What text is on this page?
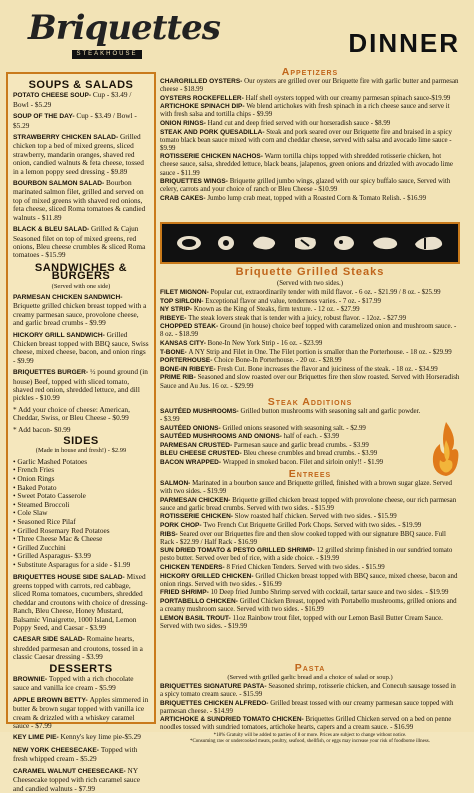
Briquettes
STEAKHOUSE	DINNER
SOUPS & SALADS
POTATO CHEESE SOUP- Cup - $3.49 / Bowl - $5.29
SOUP OF THE DAY- Cup - $3.49 / Bowl - $5.29
STRAWBERRY CHICKEN SALAD- Grilled chicken top a bed of mixed greens, sliced strawberry, mandarin oranges, shaved red onion, candied walnuts & feta cheese, tossed in a lemon poppy seed dressing - $9.89
BOURBON SALMON SALAD- Bourbon marinated salmon filet, grilled and served on top of mixed greens with shaved red onions, feta cheese, sliced Roma tomatoes & candied walnuts - $11.89
BLACK & BLEU SALAD- Grilled & Cajun Seasoned filet on top of mixed greens, red onions, Bleu cheese crumbles & sliced Roma tomatoes - $15.99
SANDWICHES & BURGERS
(Served with one side)
PARMESAN CHICKEN SANDWICH- Briquette grilled chicken breast topped with a creamy parmesan sauce, provolone cheese, and garlic bread crumbs - $9.99
HICKORY GRILL SANDWICH- Grilled Chicken breast topped with BBQ sauce, Swiss cheese, mixed cheese, bacon, and onion rings - $9.99
BRIQUETTES BURGER- ½ pound ground (in house) Beef, topped with sliced tomato, shaved red onion, shredded lettuce, and dill pickles - $10.99
* Add your choice of cheese: American, Cheddar, Swiss, or Bleu Cheese - $0.99
* Add bacon- $0.99
SIDES
(Made in house and fresh!) - $2.99
• Garlic Mashed Potatoes
• French Fries
• Onion Rings
• Baked Potato
• Sweet Potato Casserole
• Steamed Broccoli
• Cole Slaw
• Seasoned Rice Pilaf
• Grilled Rosemary Red Potatoes
• Three Cheese Mac & Cheese
• Grilled Zucchini
• Grilled Asparagus- $3.99
• Substitute Asparagus for a side - $1.99
BRIQUETTES HOUSE SIDE SALAD- Mixed greens topped with carrots, red cabbage, sliced Roma tomatoes, cucumbers, shredded cheddar and croutons with choice of dressing- Ranch, Bleu Cheese, Honey Mustard, Balsamic Vinaigrette, 1000 Island, Lemon Poppy Seed, and Caesar - $3.99
CAESAR SIDE SALAD- Romaine hearts, shredded parmesan and croutons, tossed in a classic Caesar dressing - $3.99
DESSERTS
BROWNIE- Topped with a rich chocolate sauce and vanilla ice cream - $5.99
APPLE BROWN BETTY- Apples simmered in butter & brown sugar topped with vanilla ice cream & drizzled with a whiskey caramel sauce - $7.99
KEY LIME PIE- Kenny's key lime pie-$5.29
NEW YORK CHEESECAKE- Topped with fresh whipped cream - $5.29
CARAMEL WALNUT CHEESECAKE- NY Cheesecake topped with rich caramel sauce and candied walnuts - $7.99
Appetizers
CHARGRILLED OYSTERS- Our oysters are grilled over our Briquette fire with garlic butter and parmesan cheese - $18.99
OYSTERS ROCKEFELLER- Half shell oysters topped with our creamy parmesan spinach sauce-$19.99
ARTICHOKE SPINACH DIP- We blend artichokes with fresh spinach in a rich cheese sauce and serve it with fresh salsa and tortilla chips - $9.99
ONION RINGS- Hand cut and deep fried served with our horseradish sauce - $8.99
STEAK AND PORK QUESADILLA- Steak and pork seared over our Briquette fire and braised in a spicy tomato black bean sauce mixed with corn and cheddar cheese, served with salsa and avocado lime sauce - $9.99
ROTISSERIE CHICKEN NACHOS- Warm tortilla chips topped with shredded rotisserie chicken, hot cheese sauce, salsa, shredded lettuce, black beans, jalapenos, green onions and drizzled with avocado lime sauce - $11.99
BRIQUETTES WINGS- Briquette grilled jumbo wings, glazed with our spicy buffalo sauce, Served with celery, carrots and your choice of ranch or Bleu Cheese - $10.99
CRAB CAKES- Jumbo lump crab meat, topped with a Roasted Corn & Tomato Relish. - $16.99
Briquette Grilled Steaks
(Served with two sides.)
FILET MIGNON- Popular cut, extraordinarily tender with mild flavor. - 6 oz. - $21.99 / 8 oz. - $25.99
TOP SIRLOIN- Exceptional flavor and value, tenderness varies. - 7 oz. - $17.99
NY STRIP- Known as the King of Steaks, firm texture. - 12 oz. - $27.99
RIBEYE- The steak lovers steak that is tender with a juicy, robust flavor. - 12oz. - $27.99
CHOPPED STEAK- Ground (in house) choice beef topped with caramelized onion and mushroom sauce. - 8 oz. - $18.99
KANSAS CITY- Bone-In New York Strip - 16 oz. - $23.99
T-BONE- A NY Strip and Filet in One. The Filet portion is smaller than the Porterhouse. - 18 oz. - $29.99
PORTERHOUSE- Choice Bone-In Porterhouse. - 20 oz. - $28.99
BONE-IN RIBEYE- Fresh Cut. Bone increases the flavor and juiciness of the steak. - 18 oz. - $34.99
PRIME RIB- Seasoned and slow roasted over our Briquettes fire then slow roasted. Served with Horseradish Sauce and Au Jus. 16 oz. - $29.99
Steak Additions
SAUTÉED MUSHROOMS- Grilled button mushrooms with seasoning salt and garlic powder. - $3.99
SAUTÉED ONIONS- Grilled onions seasoned with seasoning salt. - $2.99
SAUTÉED MUSHROOMS AND ONIONS- half of each. - $3.99
PARMESAN CRUSTED- Parmesan sauce and garlic bread crumbs. - $3.99
BLEU CHEESE CRUSTED- Bleu cheese crumbles and bread crumbs. - $3.99
BACON WRAPPED- Wrapped in smoked bacon. Filet and sirloin only!! - $1.99
Entrees
SALMON- Marinated in a bourbon sauce and Briquette grilled, finished with a brown sugar glaze. Served with two sides. - $19.99
PARMESAN CHICKEN- Briquette grilled chicken breast topped with provolone cheese, our rich parmesan sauce and garlic bread crumbs. Served with two sides. - $15.99
ROTISSERIE CHICKEN- Slow roasted half chicken. Served with two sides. - $15.99
PORK CHOP- Two French Cut Briquette Grilled Pork Chops. Served with two sides. - $19.99
RIBS- Seared over our Briquettes fire and then slow cooked topped with our signature BBQ sauce. Full Rack - $22.99 / Half Rack - $16.99
SUN DRIED TOMATO & PESTO GRILLED SHRIMP- 12 grilled shrimp finished in our sundried tomato pesto butter. Served over bed of rice, with a side choice. - $19.99
CHICKEN TENDERS- 8 Fried Chicken Tenders. Served with two sides. - $15.99
HICKORY GRILLED CHICKEN- Grilled Chicken breast topped with BBQ sauce, mixed cheese, bacon and onion rings. Served with two sides. - $16.99
FRIED SHRIMP- 10 Deep fried Jumbo Shrimp served with cocktail, tartar sauce and two sides. - $19.99
PORTABELLO CHICKEN- Grilled Chicken Breast, topped with Portabello mushrooms, grilled onions and a creamy mushroom sauce. Served with two sides. - $16.99
LEMON BASIL TROUT- 11oz Rainbow trout filet, topped with our Lemon Basil Butter Cream Sauce. Served with two sides. - $19.99
Pasta
(Served with grilled garlic bread and a choice of salad or soup.)
BRIQUETTES SIGNATURE PASTA- Seasoned shrimp, rotisserie chicken, and Conecuh sausage tossed in a spicy tomato cream sauce. - $15.99
BRIQUETTES CHICKEN ALFREDO- Grilled breast tossed with our creamy parmesan sauce topped with parmesan cheese. - $14.99
ARTICHOKE & SUNDRIED TOMATO CHICKEN- Briquettes Grilled Chicken served on a bed on penne noodles tossed with sundried tomatoes, artichoke hearts, capers and a cream sauce. - $16.99
*18% Gratuity will be added to parties of 8 or more. Prices are subject to change without notice.
*Consuming raw or undercooked meats, poultry, seafood, shellfish, or eggs may increase your risk of foodborne illness.
